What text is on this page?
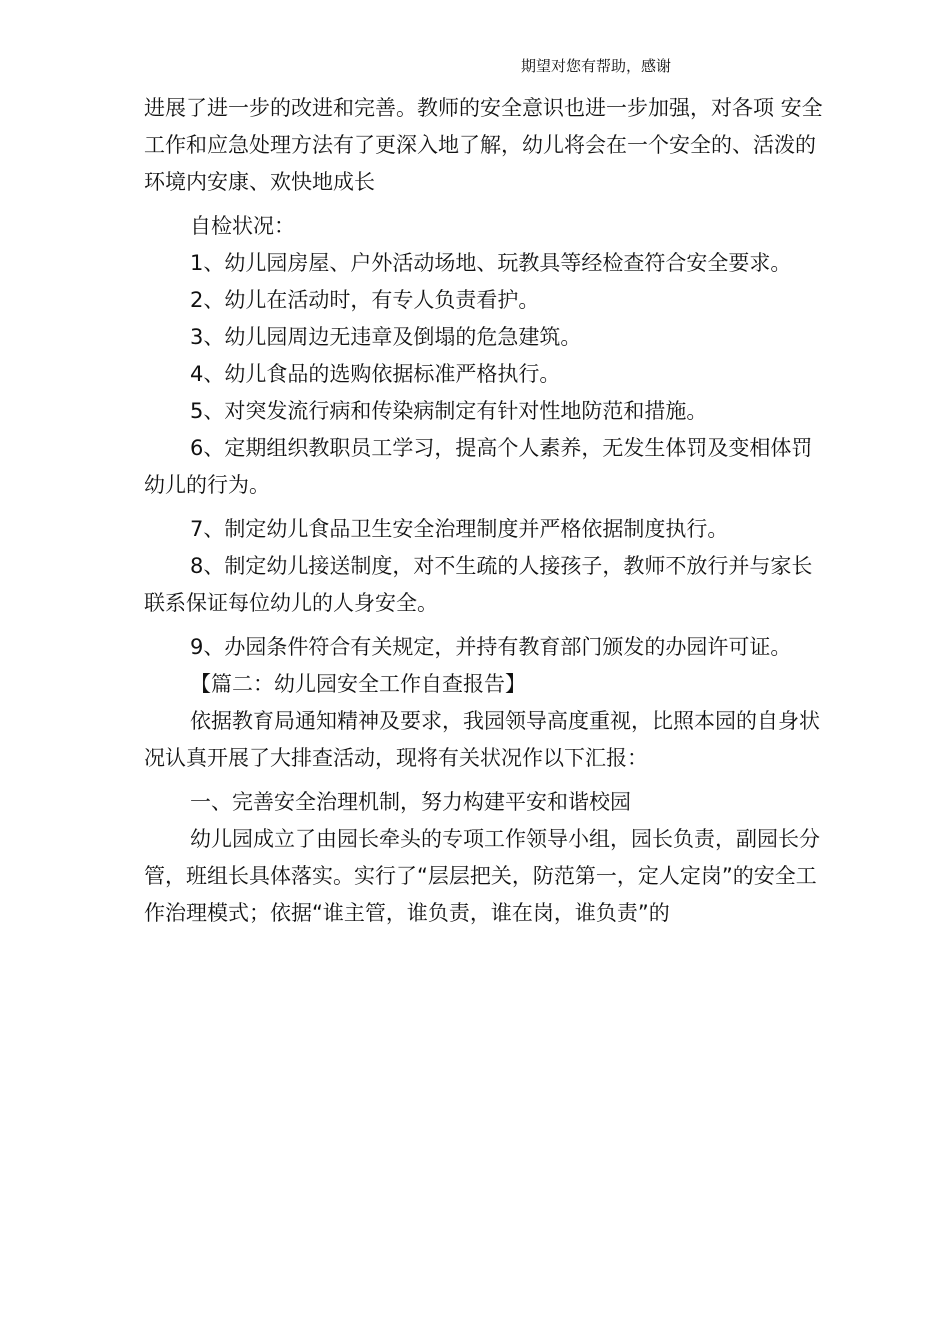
期望对您有帮助，感谢

进展了进一步的改进和完善。教师的安全意识也进一步加强，对各项 安全工作和应急处理方法有了更深入地了解，幼儿将会在一个安全的、活泼的环境内安康、欢快地成长

自检状况：

1、幼儿园房屋、户外活动场地、玩教具等经检查符合安全要求。

2、幼儿在活动时，有专人负责看护。

3、幼儿园周边无违章及倒塌的危急建筑。

4、幼儿食品的选购依据标准严格执行。

5、对突发流行病和传染病制定有针对性地防范和措施。

6、定期组织教职员工学习，提高个人素养，无发生体罚及变相体罚幼儿的行为。

7、制定幼儿食品卫生安全治理制度并严格依据制度执行。

8、制定幼儿接送制度，对不生疏的人接孩子，教师不放行并与家长联系保证每位幼儿的人身安全。

9、办园条件符合有关规定，并持有教育部门颁发的办园许可证。

【篇二：幼儿园安全工作自查报告】

依据教育局通知精神及要求，我园领导高度重视，比照本园的自身状况认真开展了大排查活动，现将有关状况作以下汇报：

一、完善安全治理机制，努力构建平安和谐校园

幼儿园成立了由园长牵头的专项工作领导小组，园长负责，副园长分管，班组长具体落实。实行了“层层把关，防范第一，定人定岗”的安全工作治理模式；依据“谁主管，谁负责，谁在岗，谁负责”的
